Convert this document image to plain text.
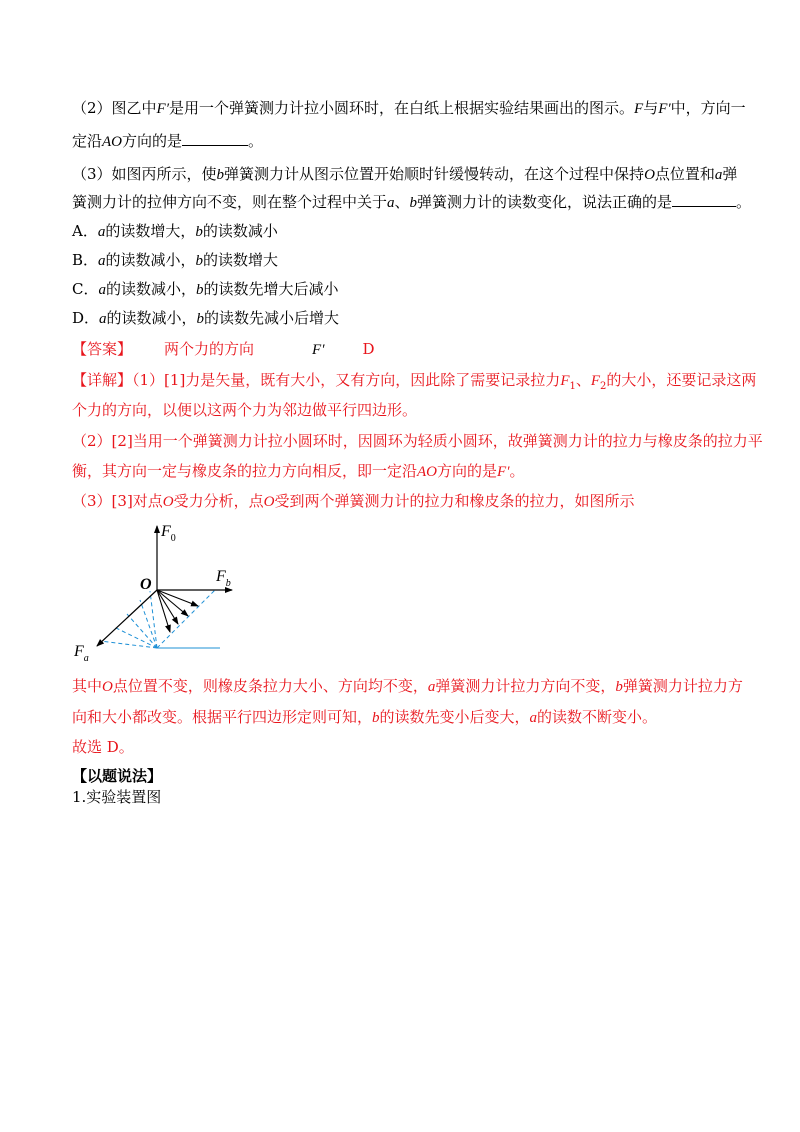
（2）图乙中F′是用一个弹簧测力计拉小圆环时，在白纸上根据实验结果画出的图示。F与F′中，方向一
定沿AO方向的是	。
（3）如图丙所示，使b弹簧测力计从图示位置开始顺时针缓慢转动，在这个过程中保持O点位置和a弹
簧测力计的拉伸方向不变，则在整个过程中关于a、b弹簧测力计的读数变化，说法正确的是	。
A．a的读数增大，b的读数减小
B．a的读数减小，b的读数增大
C．a的读数减小，b的读数先增大后减小
D．a的读数减小，b的读数先减小后增大
【答案】 两个力的方向	F′	D
【详解】（1）[1]力是矢量，既有大小，又有方向，因此除了需要记录拉力$F_1$、$F_2$的大小，还要记录这两
个力的方向，以便以这两个力为邻边做平行四边形。
（2）[2]当用一个弹簧测力计拉小圆环时，因圆环为轻质小圆环，故弹簧测力计的拉力与橡皮条的拉力平
衡，其方向一定与橡皮条的拉力方向相反，即一定沿AO方向的是F′。
（3）[3]对点O受力分析，点O受到两个弹簧测力计的拉力和橡皮条的拉力，如图所示
$F_0$
$F_b$
$F_a$
O
其中O点位置不变，则橡皮条拉力大小、方向均不变，a弹簧测力计拉力方向不变，b弹簧测力计拉力方
向和大小都改变。根据平行四边形定则可知，b的读数先变小后变大，a的读数不断变小。
故选 D。
【以题说法】
1.实验装置图
